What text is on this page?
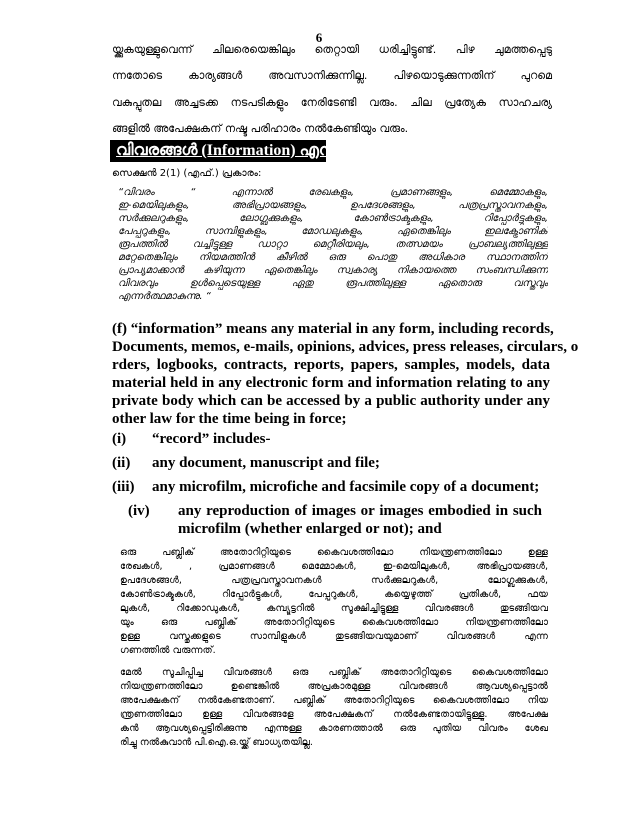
6
യ്ക്കുകയുള്ളുവെന്ന് ചിലരെയെങ്കിലും തെറ്റായി ധരിച്ചിട്ടുണ്ട്. പിഴ ചുമത്തപ്പെടു
ന്നതോടെ കാര്യങ്ങൾ അവസാനിക്കുന്നില്ല. പിഴയൊടുക്കുന്നതിന് പുറമെ
വകുപ്പുതല അച്ചടക്ക നടപടികളും നേരിടേണ്ടി വരും. ചില പ്രത്യേക സാഹചര്യ
ങ്ങളിൽ അപേക്ഷകന് നഷ്ട പരിഹാരം നൽകേണ്ടിയും വരും.
വിവരങ്ങൾ (Information) എന്നാൽ എന്ത്?
സെക്ഷൻ 2(1) (എഫ്.) പ്രകാരം:
“വിവരം “ എന്നാൽ രേഖകളും, പ്രമാണങ്ങളും, മെമ്മോകളും,
ഇ-മെയിലുകളും, അഭിപ്രായങ്ങളും, ഉപദേശങ്ങളും, പത്രപ്രസ്താവനകളും,
സർക്കുലറുകളും, ലോഗ്ബുക്കുകളും, കോൺട്രാക്ടുകളും, റിപ്പോർട്ടുകളും,
പേപ്പറുകളും, സാമ്പിളുകളും, മോഡലുകളും, ഏതെങ്കിലും ഇലക്ട്രോണിക്
രൂപത്തിൽ വച്ചിട്ടുള്ള ഡാറ്റാ മെറ്റീരിയലും, തത്സമയം പ്രാബല്യത്തിലുള്ള
മറ്റേതെങ്കിലും നിയമത്തിൻ കീഴിൽ ഒരു പൊതു അധികാര സ്ഥാനത്തിന്
പ്രാപ്യമാക്കാൻ കഴിയുന്ന ഏതെങ്കിലും സ്വകാര്യ നികായത്തെ സംബന്ധിക്കുന്ന
വിവരവും ഉൾപ്പെടെയുള്ള ഏതു രൂപത്തിലുള്ള ഏതൊരു വസ്തുവും
എന്നർത്ഥമാകുന്നു. “
(f) “information” means any material in any form, including records,
Documents, memos, e-mails, opinions, advices, press releases, circulars, o
rders, logbooks, contracts, reports, papers, samples, models, data
material held in any electronic form and information relating to any
private body which can be accessed by a public authority under any
other law for the time being in force;
(i) “record” includes-
(ii) any document, manuscript and file;
(iii) any microfilm, microfiche and facsimile copy of a document;
(iv) any reproduction of images or images embodied in such
microfilm (whether enlarged or not); and
ഒരു പബ്ലിക് അതോറിറ്റിയുടെ കൈവശത്തിലോ നിയന്ത്രണത്തിലോ ഉള്ള
രേഖകൾ, , പ്രമാണങ്ങൾ മെമ്മോകൾ, ഇ-മെയിലുകൾ, അഭിപ്രായങ്ങൾ,
ഉപദേശങ്ങൾ, പത്രപ്രവസ്താവനകൾ സർക്കുലറുകൾ, ലോഗ്ബുക്കുകൾ,
കോൺട്രാക്ടുകൾ, റിപ്പോർട്ടുകൾ, പേപ്പറുകൾ, കയ്യെഴുത്ത് പ്രതികൾ, ഫയ
ലുകൾ, റിക്കോഡുകൾ, കമ്പ്യൂട്ടറിൽ സൂക്ഷിച്ചിട്ടുള്ള വിവരങ്ങൾ തുടങ്ങിയവ
യും ഒരു പബ്ലിക് അതോറിറ്റിയുടെ കൈവശത്തിലോ നിയന്ത്രണത്തിലോ
ഉള്ള വസ്തുക്കളുടെ സാമ്പിളുകൾ തുടങ്ങിയവയുമാണ് വിവരങ്ങൾ എന്ന
ഗണത്തിൽ വരുന്നത്.
മേൽ സൂചിപ്പിച്ച വിവരങ്ങൾ ഒരു പബ്ലിക് അതോറിറ്റിയുടെ കൈവശത്തിലോ
നിയന്ത്രണത്തിലോ ഉണ്ടെങ്കിൽ അപ്രകാരമുള്ള വിവരങ്ങൾ ആവശ്യപ്പെട്ടാൽ
അപേക്ഷകന് നൽകേണ്ടതാണ്. പബ്ലിക് അതോറിറ്റിയുടെ കൈവശത്തിലോ നിയ
ന്ത്രണത്തിലോ ഉള്ള വിവരങ്ങളേ അപേക്ഷകന് നൽകേണ്ടതായിട്ടുള്ളൂ. അപേക്ഷ
കൻ ആവശ്യപ്പെട്ടിരിക്കുന്നു എന്നുള്ള കാരണത്താൽ ഒരു പുതിയ വിവരം ശേഖ
രിച്ചു നൽകുവാൻ പി.ഐ.ഒ.യ്ക്ക് ബാധ്യതയില്ല.
